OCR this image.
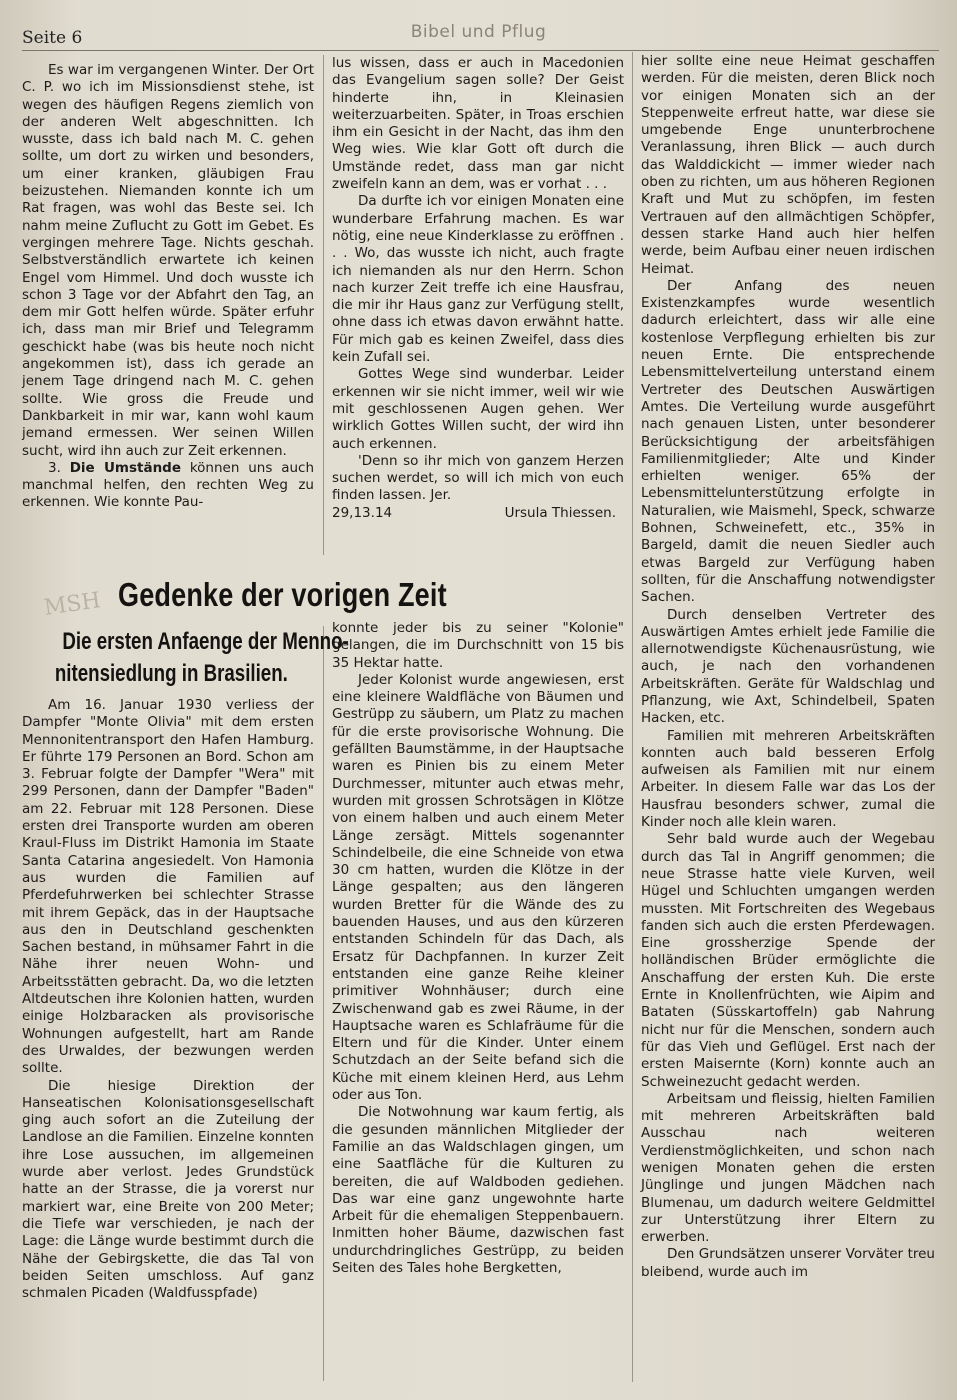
Seite 6	Bibel und Pflug

Es war im vergangenen Winter. Der Ort C. P. wo ich im Missionsdienst stehe, ist wegen des häufigen Regens ziemlich von der anderen Welt abgeschnitten. Ich wusste, dass ich bald nach M. C. gehen sollte, um dort zu wirken und besonders, um einer kranken, gläubigen Frau beizustehen. Niemanden konnte ich um Rat fragen, was wohl das Beste sei. Ich nahm meine Zuflucht zu Gott im Gebet. Es vergingen mehrere Tage. Nichts geschah. Selbstverständlich erwartete ich keinen Engel vom Himmel. Und doch wusste ich schon 3 Tage vor der Abfahrt den Tag, an dem mir Gott helfen würde. Später erfuhr ich, dass man mir Brief und Telegramm geschickt habe (was bis heute noch nicht angekommen ist), dass ich gerade an jenem Tage dringend nach M. C. gehen sollte. Wie gross die Freude und Dankbarkeit in mir war, kann wohl kaum jemand ermessen. Wer seinen Willen sucht, wird ihn auch zur Zeit erkennen.

3. Die Umstände können uns auch manchmal helfen, den rechten Weg zu erkennen. Wie konnte Pau-

lus wissen, dass er auch in Macedonien das Evangelium sagen solle? Der Geist hinderte ihn, in Kleinasien weiterzuarbeiten. Später, in Troas erschien ihm ein Gesicht in der Nacht, das ihm den Weg wies. Wie klar Gott oft durch die Umstände redet, dass man gar nicht zweifeln kann an dem, was er vorhat . . .

Da durfte ich vor einigen Monaten eine wunderbare Erfahrung machen. Es war nötig, eine neue Kinderklasse zu eröffnen . . . Wo, das wusste ich nicht, auch fragte ich niemanden als nur den Herrn. Schon nach kurzer Zeit treffe ich eine Hausfrau, die mir ihr Haus ganz zur Verfügung stellt, ohne dass ich etwas davon erwähnt hatte. Für mich gab es keinen Zweifel, dass dies kein Zufall sei.

Gottes Wege sind wunderbar. Leider erkennen wir sie nicht immer, weil wir wie mit geschlossenen Augen gehen. Wer wirklich Gottes Willen sucht, der wird ihn auch erkennen.

'Denn so ihr mich von ganzem Herzen suchen werdet, so will ich mich von euch finden lassen. Jer.

29,13.14	Ursula Thiessen.
MSH Gedenke der vorigen Zeit
Die ersten Anfaenge der Menno-
nitensiedlung in Brasilien.

Am 16. Januar 1930 verliess der Dampfer "Monte Olivia" mit dem ersten Mennonitentransport den Hafen Hamburg. Er führte 179 Personen an Bord. Schon am 3. Februar folgte der Dampfer "Wera" mit 299 Personen, dann der Dampfer "Baden" am 22. Februar mit 128 Personen. Diese ersten drei Transporte wurden am oberen Kraul-Fluss im Distrikt Hamonia im Staate Santa Catarina angesiedelt. Von Hamonia aus wurden die Familien auf Pferdefuhrwerken bei schlechter Strasse mit ihrem Gepäck, das in der Hauptsache aus den in Deutschland geschenkten Sachen bestand, in mühsamer Fahrt in die Nähe ihrer neuen Wohn- und Arbeitsstätten gebracht. Da, wo die letzten Altdeutschen ihre Kolonien hatten, wurden einige Holzbaracken als provisorische Wohnungen aufgestellt, hart am Rande des Urwaldes, der bezwungen werden sollte.

Die hiesige Direktion der Hanseatischen Kolonisationsgesellschaft ging auch sofort an die Zuteilung der Landlose an die Familien. Einzelne konnten ihre Lose aussuchen, im allgemeinen wurde aber verlost. Jedes Grundstück hatte an der Strasse, die ja vorerst nur markiert war, eine Breite von 200 Meter; die Tiefe war verschieden, je nach der Lage: die Länge wurde bestimmt durch die Nähe der Gebirgskette, die das Tal von beiden Seiten umschloss. Auf ganz schmalen Picaden (Waldfusspfade)

konnte jeder bis zu seiner "Kolonie" gelangen, die im Durchschnitt von 15 bis 35 Hektar hatte.

Jeder Kolonist wurde angewiesen, erst eine kleinere Waldfläche von Bäumen und Gestrüpp zu säubern, um Platz zu machen für die erste provisorische Wohnung. Die gefällten Baumstämme, in der Hauptsache waren es Pinien bis zu einem Meter Durchmesser, mitunter auch etwas mehr, wurden mit grossen Schrotsägen in Klötze von einem halben und auch einem Meter Länge zersägt. Mittels sogenannter Schindelbeile, die eine Schneide von etwa 30 cm hatten, wurden die Klötze in der Länge gespalten; aus den längeren wurden Bretter für die Wände des zu bauenden Hauses, und aus den kürzeren entstanden Schindeln für das Dach, als Ersatz für Dachpfannen. In kurzer Zeit entstanden eine ganze Reihe kleiner primitiver Wohnhäuser; durch eine Zwischenwand gab es zwei Räume, in der Hauptsache waren es Schlafräume für die Eltern und für die Kinder. Unter einem Schutzdach an der Seite befand sich die Küche mit einem kleinen Herd, aus Lehm oder aus Ton.

Die Notwohnung war kaum fertig, als die gesunden männlichen Mitglieder der Familie an das Waldschlagen gingen, um eine Saatfläche für die Kulturen zu bereiten, die auf Waldboden gediehen. Das war eine ganz ungewohnte harte Arbeit für die ehemaligen Steppenbauern. Inmitten hoher Bäume, dazwischen fast undurchdringliches Gestrüpp, zu beiden Seiten des Tales hohe Bergketten,

hier sollte eine neue Heimat geschaffen werden. Für die meisten, deren Blick noch vor einigen Monaten sich an der Steppenweite erfreut hatte, war diese sie umgebende Enge ununterbrochene Veranlassung, ihren Blick — auch durch das Walddickicht — immer wieder nach oben zu richten, um aus höheren Regionen Kraft und Mut zu schöpfen, im festen Vertrauen auf den allmächtigen Schöpfer, dessen starke Hand auch hier helfen werde, beim Aufbau einer neuen irdischen Heimat.

Der Anfang des neuen Existenzkampfes wurde wesentlich dadurch erleichtert, dass wir alle eine kostenlose Verpflegung erhielten bis zur neuen Ernte. Die entsprechende Lebensmittelverteilung unterstand einem Vertreter des Deutschen Auswärtigen Amtes. Die Verteilung wurde ausgeführt nach genauen Listen, unter besonderer Berücksichtigung der arbeitsfähigen Familienmitglieder; Alte und Kinder erhielten weniger. 65% der Lebensmittelunterstützung erfolgte in Naturalien, wie Maismehl, Speck, schwarze Bohnen, Schweinefett, etc., 35% in Bargeld, damit die neuen Siedler auch etwas Bargeld zur Verfügung haben sollten, für die Anschaffung notwendigster Sachen.

Durch denselben Vertreter des Auswärtigen Amtes erhielt jede Familie die allernotwendigste Küchenausrüstung, wie auch, je nach den vorhandenen Arbeitskräften. Geräte für Waldschlag und Pflanzung, wie Axt, Schindelbeil, Spaten Hacken, etc.

Familien mit mehreren Arbeitskräften konnten auch bald besseren Erfolg aufweisen als Familien mit nur einem Arbeiter. In diesem Falle war das Los der Hausfrau besonders schwer, zumal die Kinder noch alle klein waren.

Sehr bald wurde auch der Wegebau durch das Tal in Angriff genommen; die neue Strasse hatte viele Kurven, weil Hügel und Schluchten umgangen werden mussten. Mit Fortschreiten des Wegebaus fanden sich auch die ersten Pferdewagen. Eine grossherzige Spende der holländischen Brüder ermöglichte die Anschaffung der ersten Kuh. Die erste Ernte in Knollenfrüchten, wie Aipim and Bataten (Süsskartoffeln) gab Nahrung nicht nur für die Menschen, sondern auch für das Vieh und Geflügel. Erst nach der ersten Maisernte (Korn) konnte auch an Schweinezucht gedacht werden.

Arbeitsam und fleissig, hielten Familien mit mehreren Arbeitskräften bald Ausschau nach weiteren Verdienstmöglichkeiten, und schon nach wenigen Monaten gehen die ersten Jünglinge und jungen Mädchen nach Blumenau, um dadurch weitere Geldmittel zur Unterstützung ihrer Eltern zu erwerben.

Den Grundsätzen unserer Vorväter treu bleibend, wurde auch im
